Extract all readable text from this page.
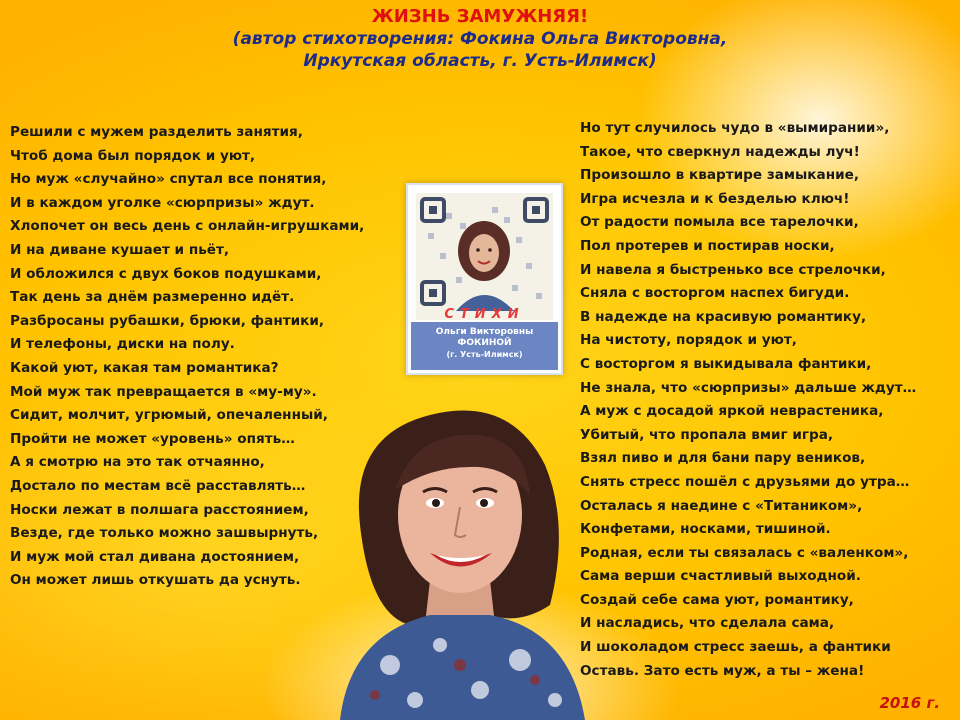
ЖИЗНЬ ЗАМУЖНЯЯ!
(автор стихотворения: Фокина Ольга Викторовна,
Иркутская область, г. Усть-Илимск)
Решили с мужем разделить занятия,
Чтоб дома был порядок и уют,
Но муж «случайно» спутал все понятия,
И в каждом уголке «сюрпризы» ждут.
Хлопочет он весь день с онлайн-игрушками,
И на диване кушает и пьёт,
И обложился с двух боков подушками,
Так день за днём размеренно идёт.
Разбросаны рубашки, брюки, фантики,
И телефоны, диски на полу.
Какой уют, какая там романтика?
Мой муж так превращается в «му-му».
Сидит, молчит, угрюмый, опечаленный,
Пройти не может «уровень» опять…
А я смотрю на это так отчаянно,
Достало по местам всё расставлять…
Носки лежат в полшага расстоянием,
Везде, где только можно зашвырнуть,
И муж мой стал дивана достоянием,
Он может лишь откушать да уснуть.
Но тут случилось чудо в «вымирании»,
Такое, что сверкнул надежды луч!
Произошло в квартире замыкание,
Игра исчезла и к безделью ключ!
От радости помыла все тарелочки,
Пол протерев и постирав носки,
И навела я быстренько все стрелочки,
Сняла с восторгом наспех бигуди.
В надежде на красивую романтику,
На чистоту, порядок и уют,
С восторгом я выкидывала фантики,
Не знала, что «сюрпризы» дальше ждут…
А муж с досадой яркой неврастеника,
Убитый, что пропала вмиг игра,
Взял пиво и для бани пару веников,
Снять стресс пошёл с друзьями до утра…
Осталась я наедине с «Титаником»,
Конфетами, носками, тишиной.
Родная, если ты связалась с «валенком»,
Сама верши счастливый выходной.
Создай себе сама уют, романтику,
И насладись, что сделала сама,
И шоколадом стресс заешь, а фантики
Оставь. Зато есть муж, а ты – жена!
СТИХИ
Ольги Викторовны
ФОКИНОЙ
(г. Усть-Илимск)
2016 г.
